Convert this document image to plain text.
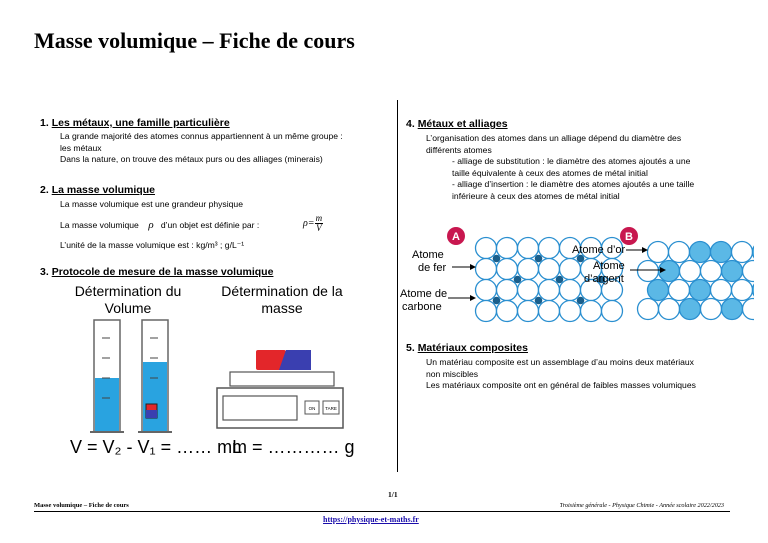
Masse volumique – Fiche de cours
1. Les métaux, une famille particulière
La grande majorité des atomes connus appartiennent à un même groupe :
les métaux
Dans la nature, on trouve des métaux purs ou des alliages (minerais)
2. La masse volumique
La masse volumique est une grandeur physique
La masse volumique ρ d’un objet est définie par :	$\rho= \frac{m}{V}$
L’unité de la masse volumique est : kg/m³ ; g/L⁻¹
3. Protocole de mesure de la masse volumique
Détermination du Volume
Détermination de la masse
ON TARE
V = V₂ - V₁ = …… mL
m = ………… g
4. Métaux et alliages
L’organisation des atomes dans un alliage dépend du diamètre des
différents atomes
- alliage de substitution : le diamètre des atomes ajoutés a une
taille équivalente à ceux des atomes de métal initial
- alliage d’insertion : le diamètre des atomes ajoutés a une taille
inférieure à ceux des atomes de métal initial
A
Atome de fer
Atome de carbone
B
Atome d’or
Atome d’argent
5. Matériaux composites
Un matériau composite est un assemblage d’au moins deux matériaux
non miscibles
Les matériaux composite ont en général de faibles masses volumiques
1/1
Masse volumique – Fiche de cours	Troisième générale - Physique Chimie - Année scolaire 2022/2023
https://physique-et-maths.fr
